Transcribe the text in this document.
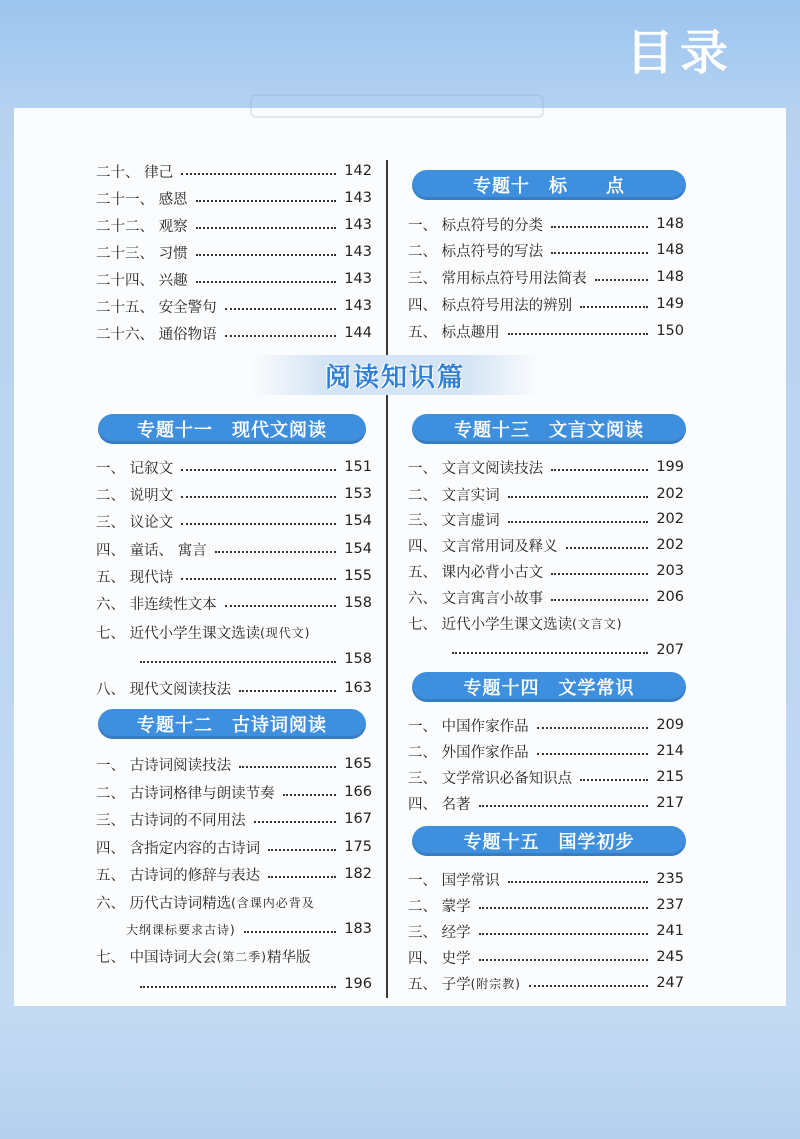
目录
二十、 律己	142
二十一、 感恩	143
二十二、 观察	143
二十三、 习惯	143
二十四、 兴趣	143
二十五、 安全警句	143
二十六、 通俗物语	144
专题十　标　　点
一、 标点符号的分类	148
二、 标点符号的写法	148
三、 常用标点符号用法简表	148
四、 标点符号用法的辨别	149
五、 标点趣用	150
阅读知识篇
专题十一　现代文阅读
一、 记叙文	151
二、 说明文	153
三、 议论文	154
四、 童话、 寓言	154
五、 现代诗	155
六、 非连续性文本	158
七、 近代小学生课文选读 (现代文)
158
八、 现代文阅读技法	163
专题十二　古诗词阅读
一、 古诗词阅读技法	165
二、 古诗词格律与朗读节奏	166
三、 古诗词的不同用法	167
四、 含指定内容的古诗词	175
五、 古诗词的修辞与表达	182
六、 历代古诗词精选 (含课内必背及
大纲课标要求古诗)	183
七、 中国诗词大会 (第二季) 精华版
196
专题十三　文言文阅读
一、 文言文阅读技法	199
二、 文言实词	202
三、 文言虚词	202
四、 文言常用词及释义	202
五、 课内必背小古文	203
六、 文言寓言小故事	206
七、 近代小学生课文选读 (文言文)
207
专题十四　文学常识
一、 中国作家作品	209
二、 外国作家作品	214
三、 文学常识必备知识点	215
四、 名著	217
专题十五　国学初步
一、 国学常识	235
二、 蒙学	237
三、 经学	241
四、 史学	245
五、 子学 (附宗教)	247
